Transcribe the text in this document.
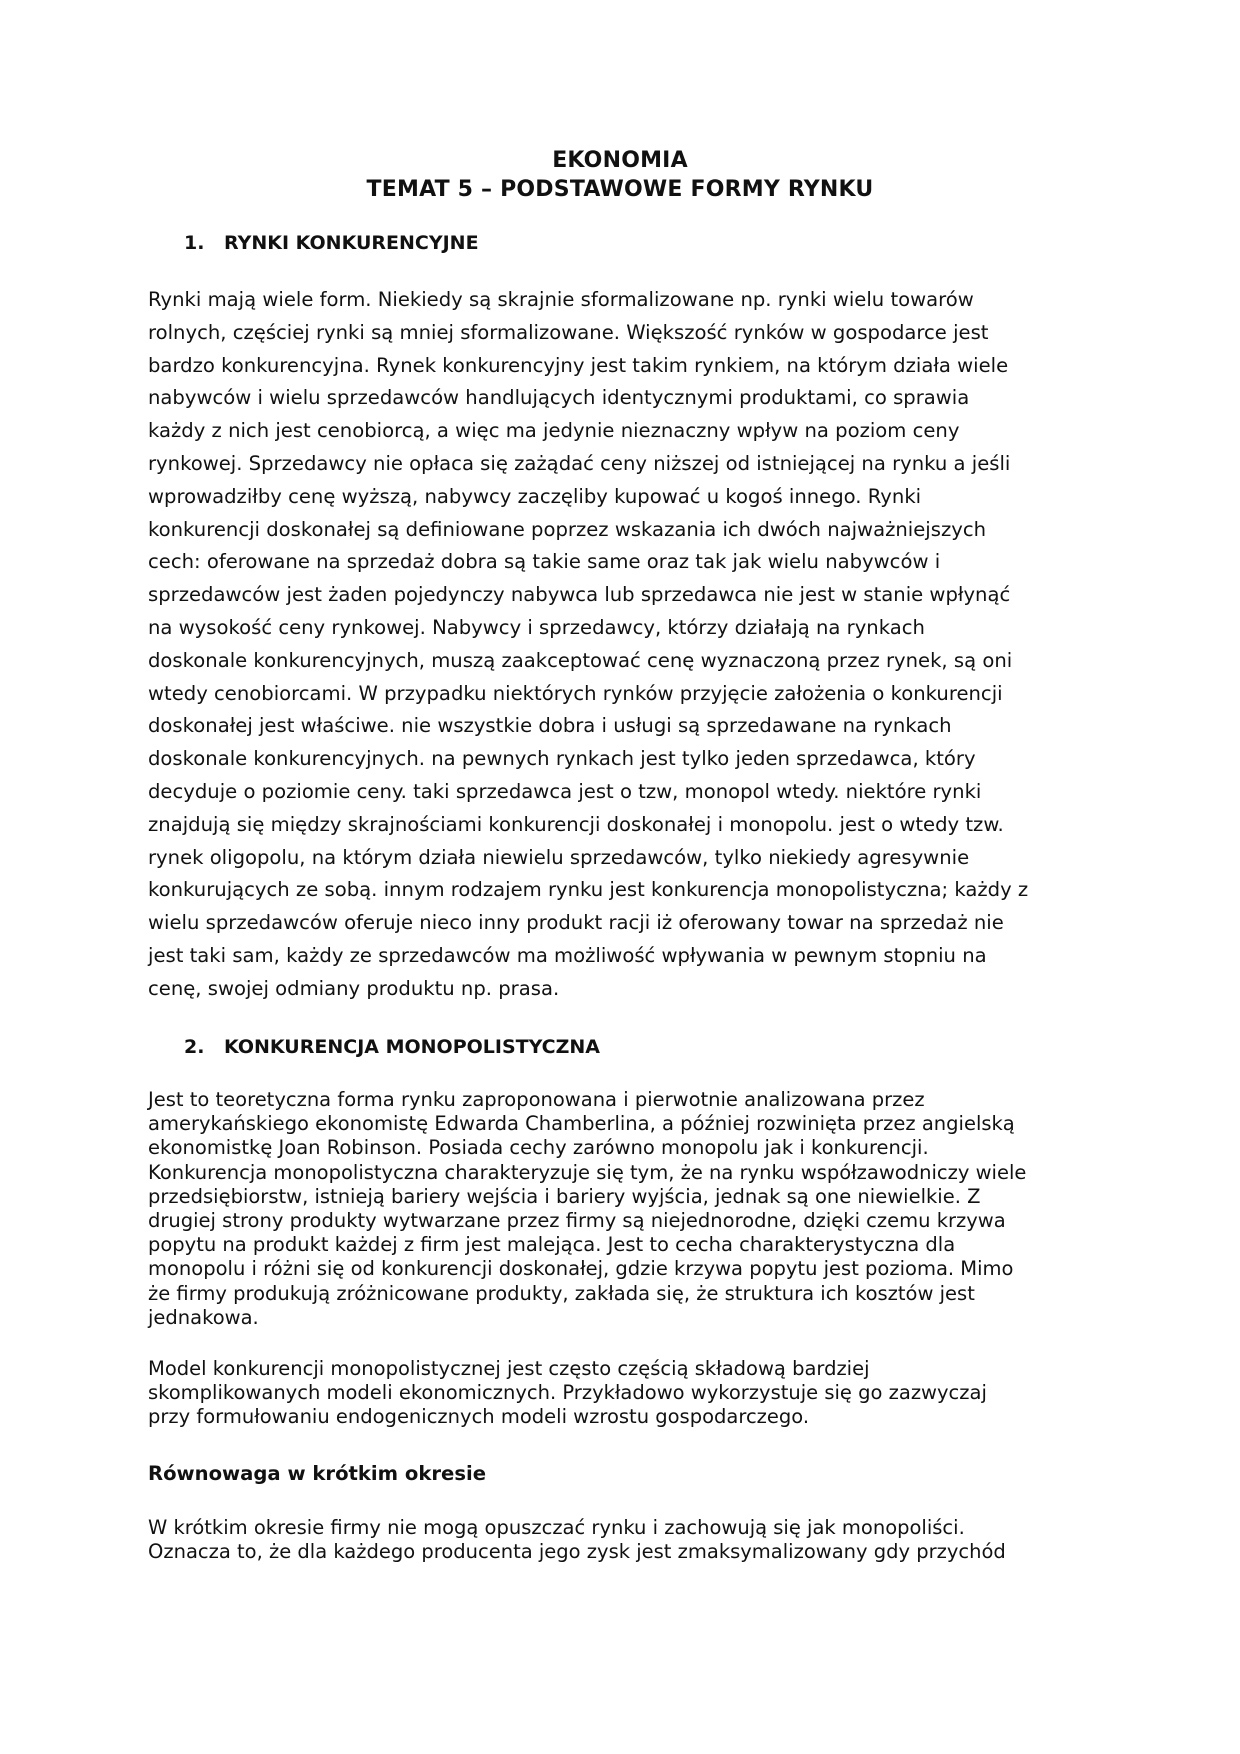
EKONOMIA
TEMAT 5 – PODSTAWOWE FORMY RYNKU
1. RYNKI KONKURENCYJNE
Rynki mają wiele form. Niekiedy są skrajnie sformalizowane np. rynki wielu towarów
rolnych, częściej rynki są mniej sformalizowane. Większość rynków w gospodarce jest
bardzo konkurencyjna. Rynek konkurencyjny jest takim rynkiem, na którym działa wiele
nabywców i wielu sprzedawców handlujących identycznymi produktami, co sprawia
każdy z nich jest cenobiorcą, a więc ma jedynie nieznaczny wpływ na poziom ceny
rynkowej. Sprzedawcy nie opłaca się zażądać ceny niższej od istniejącej na rynku a jeśli
wprowadziłby cenę wyższą, nabywcy zaczęliby kupować u kogoś innego. Rynki
konkurencji doskonałej są definiowane poprzez wskazania ich dwóch najważniejszych
cech: oferowane na sprzedaż dobra są takie same oraz tak jak wielu nabywców i
sprzedawców jest żaden pojedynczy nabywca lub sprzedawca nie jest w stanie wpłynąć
na wysokość ceny rynkowej. Nabywcy i sprzedawcy, którzy działają na rynkach
doskonale konkurencyjnych, muszą zaakceptować cenę wyznaczoną przez rynek, są oni
wtedy cenobiorcami. W przypadku niektórych rynków przyjęcie założenia o konkurencji
doskonałej jest właściwe. nie wszystkie dobra i usługi są sprzedawane na rynkach
doskonale konkurencyjnych. na pewnych rynkach jest tylko jeden sprzedawca, który
decyduje o poziomie ceny. taki sprzedawca jest o tzw, monopol wtedy. niektóre rynki
znajdują się między skrajnościami konkurencji doskonałej i monopolu. jest o wtedy tzw.
rynek oligopolu, na którym działa niewielu sprzedawców, tylko niekiedy agresywnie
konkurujących ze sobą. innym rodzajem rynku jest konkurencja monopolistyczna; każdy z
wielu sprzedawców oferuje nieco inny produkt racji iż oferowany towar na sprzedaż nie
jest taki sam, każdy ze sprzedawców ma możliwość wpływania w pewnym stopniu na
cenę, swojej odmiany produktu np. prasa.
2. KONKURENCJA MONOPOLISTYCZNA
Jest to teoretyczna forma rynku zaproponowana i pierwotnie analizowana przez
amerykańskiego ekonomistę Edwarda Chamberlina, a później rozwinięta przez angielską
ekonomistkę Joan Robinson. Posiada cechy zarówno monopolu jak i konkurencji.
Konkurencja monopolistyczna charakteryzuje się tym, że na rynku współzawodniczy wiele
przedsiębiorstw, istnieją bariery wejścia i bariery wyjścia, jednak są one niewielkie. Z
drugiej strony produkty wytwarzane przez firmy są niejednorodne, dzięki czemu krzywa
popytu na produkt każdej z firm jest malejąca. Jest to cecha charakterystyczna dla
monopolu i różni się od konkurencji doskonałej, gdzie krzywa popytu jest pozioma. Mimo
że firmy produkują zróżnicowane produkty, zakłada się, że struktura ich kosztów jest
jednakowa.
Model konkurencji monopolistycznej jest często częścią składową bardziej
skomplikowanych modeli ekonomicznych. Przykładowo wykorzystuje się go zazwyczaj
przy formułowaniu endogenicznych modeli wzrostu gospodarczego.
Równowaga w krótkim okresie
W krótkim okresie firmy nie mogą opuszczać rynku i zachowują się jak monopoliści.
Oznacza to, że dla każdego producenta jego zysk jest zmaksymalizowany gdy przychód
